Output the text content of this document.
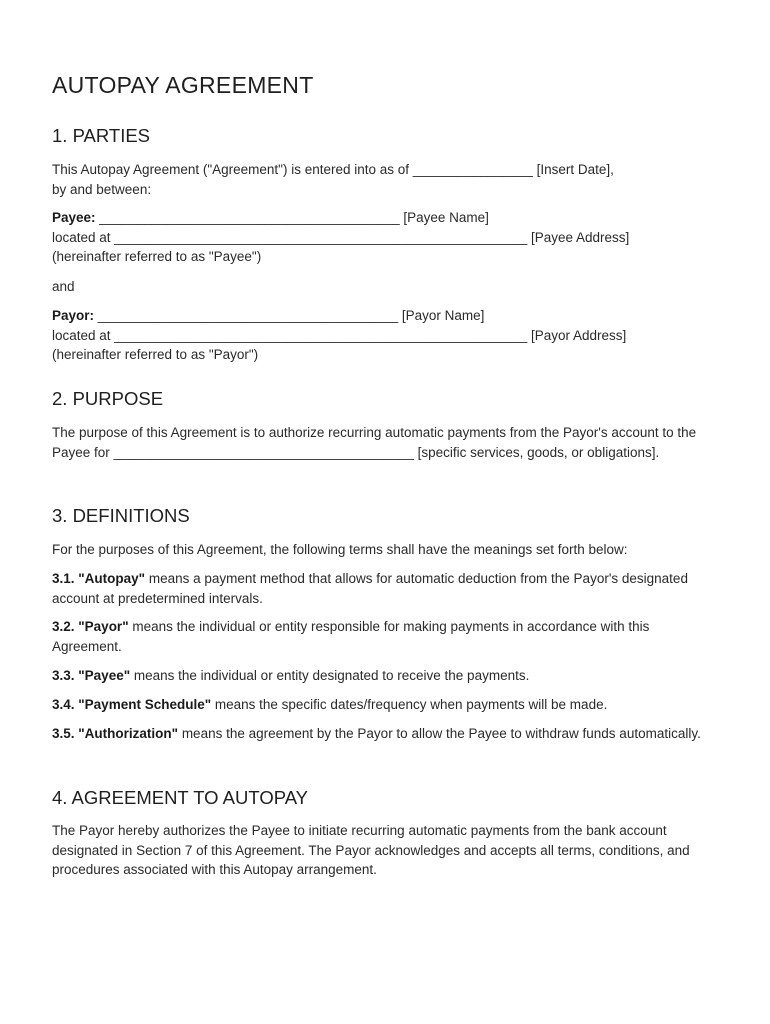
AUTOPAY AGREEMENT
1. PARTIES

This Autopay Agreement ("Agreement") is entered into as of ________________ [Insert Date],
by and between:

Payee: ________________________________________ [Payee Name]
located at _______________________________________________________ [Payee Address]
(hereinafter referred to as "Payee")

and

Payor: ________________________________________ [Payor Name]
located at _______________________________________________________ [Payor Address]
(hereinafter referred to as "Payor")

2. PURPOSE

The purpose of this Agreement is to authorize recurring automatic payments from the Payor's account to the Payee for ________________________________________ [specific services, goods, or obligations].

3. DEFINITIONS

For the purposes of this Agreement, the following terms shall have the meanings set forth below:

3.1. "Autopay" means a payment method that allows for automatic deduction from the Payor's designated account at predetermined intervals.

3.2. "Payor" means the individual or entity responsible for making payments in accordance with this Agreement.

3.3. "Payee" means the individual or entity designated to receive the payments.

3.4. "Payment Schedule" means the specific dates/frequency when payments will be made.

3.5. "Authorization" means the agreement by the Payor to allow the Payee to withdraw funds automatically.

4. AGREEMENT TO AUTOPAY

The Payor hereby authorizes the Payee to initiate recurring automatic payments from the bank account designated in Section 7 of this Agreement. The Payor acknowledges and accepts all terms, conditions, and procedures associated with this Autopay arrangement.
